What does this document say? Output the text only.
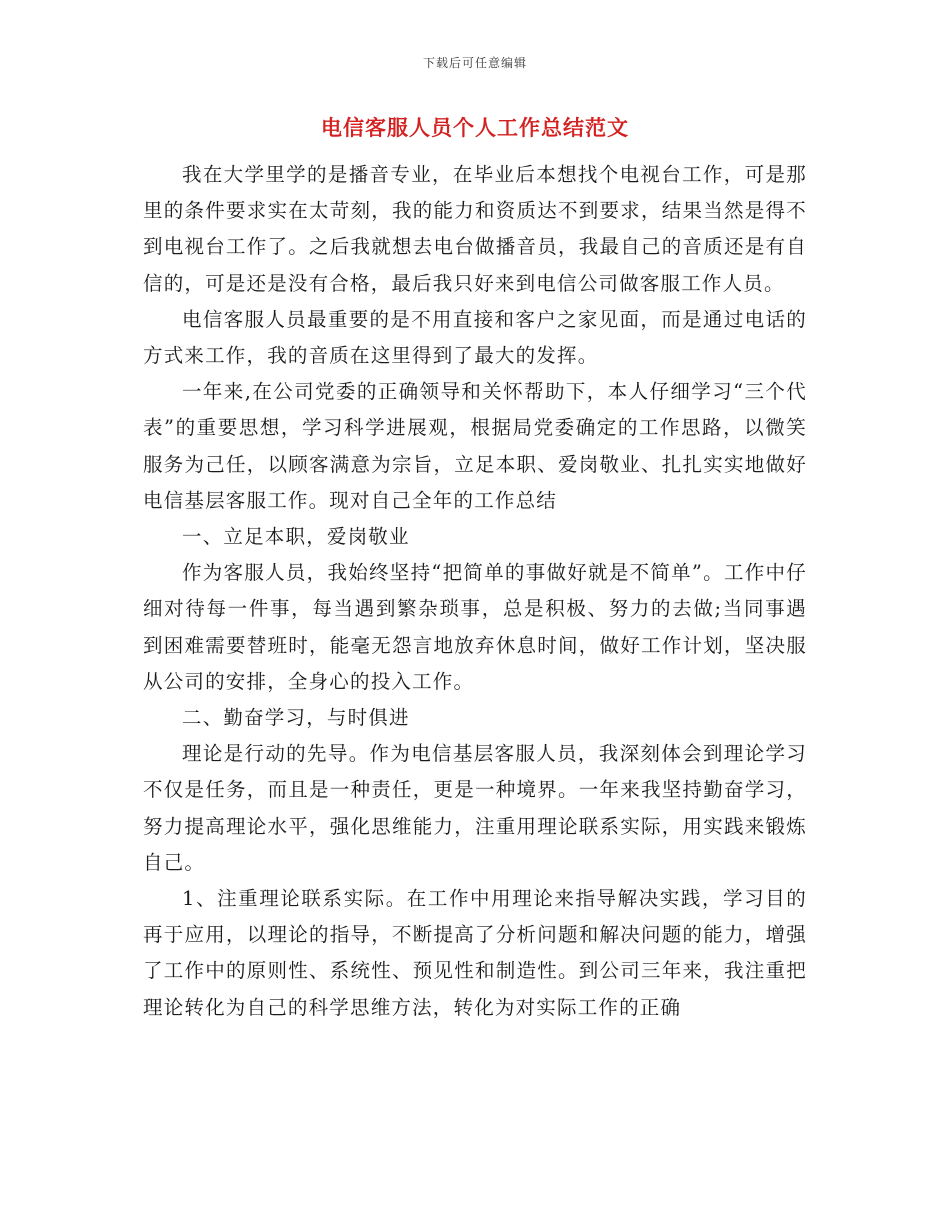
下载后可任意编辑
电信客服人员个人工作总结范文

我在大学里学的是播音专业，在毕业后本想找个电视台工作，可是那里的条件要求实在太苛刻，我的能力和资质达不到要求，结果当然是得不到电视台工作了。之后我就想去电台做播音员，我最自己的音质还是有自信的，可是还是没有合格，最后我只好来到电信公司做客服工作人员。

电信客服人员最重要的是不用直接和客户之家见面，而是通过电话的方式来工作，我的音质在这里得到了最大的发挥。

一年来,在公司党委的正确领导和关怀帮助下，本人仔细学习“三个代表”的重要思想，学习科学进展观，根据局党委确定的工作思路，以微笑服务为己任，以顾客满意为宗旨，立足本职、爱岗敬业、扎扎实实地做好电信基层客服工作。现对自己全年的工作总结

一、立足本职，爱岗敬业

作为客服人员，我始终坚持“把简单的事做好就是不简单”。工作中仔细对待每一件事，每当遇到繁杂琐事，总是积极、努力的去做;当同事遇到困难需要替班时，能毫无怨言地放弃休息时间，做好工作计划，坚决服从公司的安排，全身心的投入工作。

二、勤奋学习，与时俱进

理论是行动的先导。作为电信基层客服人员，我深刻体会到理论学习不仅是任务，而且是一种责任，更是一种境界。一年来我坚持勤奋学习，努力提高理论水平，强化思维能力，注重用理论联系实际，用实践来锻炼自己。

1、注重理论联系实际。在工作中用理论来指导解决实践，学习目的再于应用，以理论的指导，不断提高了分析问题和解决问题的能力，增强了工作中的原则性、系统性、预见性和制造性。到公司三年来，我注重把理论转化为自己的科学思维方法，转化为对实际工作的正确
